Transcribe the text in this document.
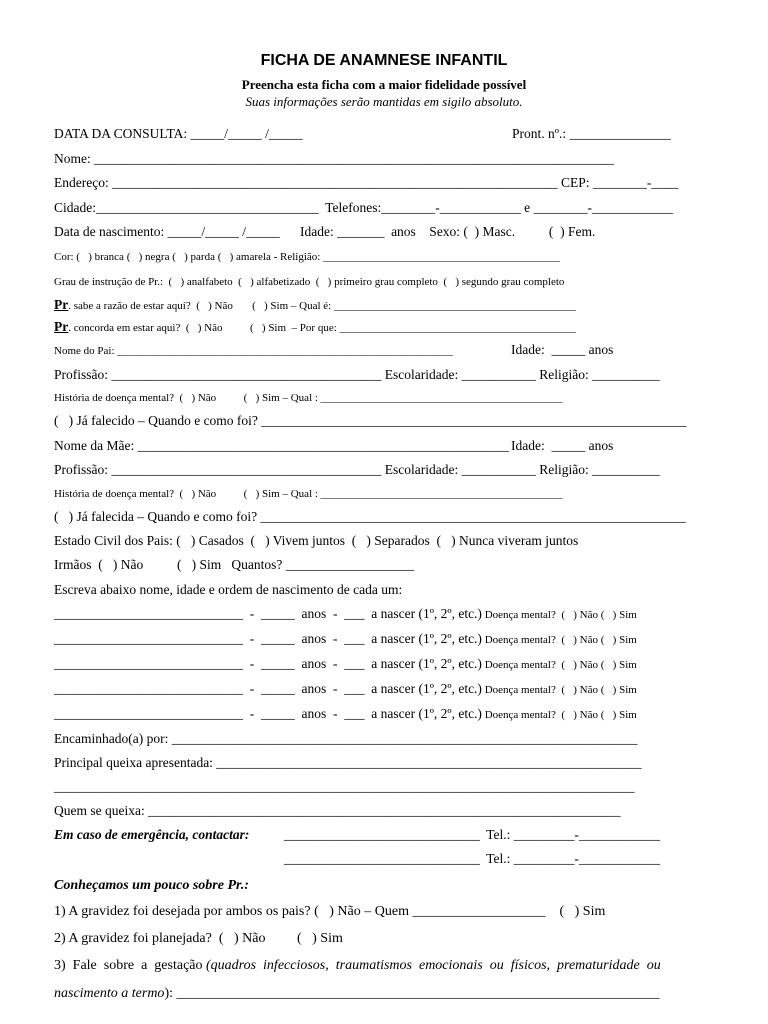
FICHA DE ANAMNESE INFANTIL
Preencha esta ficha com a maior fidelidade possível
Suas informações serão mantidas em sigilo absoluto.
DATA DA CONSULTA: _____/_____ /_____	Pront. nº.: _______________
Nome: _____________________________________________________________________________
Endereço: __________________________________________________________________ CEP: ________-____
Cidade:_________________________________  Telefones:________-____________ e ________-____________
Data de nascimento: _____/_____ /_____      Idade: _______  anos    Sexo: (  ) Masc.          (  ) Fem.
Cor: (   ) branca (   ) negra (   ) parda (   ) amarela - Religião: ___________________________________________
Grau de instrução de Pr.:  (   ) analfabeto  (   ) alfabetizado  (   ) primeiro grau completo  (   ) segundo grau completo
Pr. sabe a razão de estar aqui?  (   ) Não       (   ) Sim – Qual é: ____________________________________________
Pr. concorda em estar aqui?  (   ) Não          (   ) Sim  – Por que: ___________________________________________
Nome do Pai: _____________________________________________________________	Idade:  _____ anos
Profissão: ________________________________________ Escolaridade: ___________ Religião: __________
História de doença mental?  (   ) Não          (   ) Sim – Qual : ____________________________________________
(   ) Já falecido – Quando e como foi? _______________________________________________________________
Nome da Mãe: _______________________________________________________ Idade:  _____ anos
Profissão: ________________________________________ Escolaridade: ___________ Religião: __________
História de doença mental?  (   ) Não          (   ) Sim – Qual : ____________________________________________
(   ) Já falecida – Quando e como foi? _______________________________________________________________
Estado Civil dos Pais: (   ) Casados  (   ) Vivem juntos  (   ) Separados  (   ) Nunca viveram juntos
Irmãos  (   ) Não          (   ) Sim   Quantos? ___________________
Escreva abaixo nome, idade e ordem de nascimento de cada um:
____________________________  -  _____  anos  -  ___  a nascer (1º, 2º, etc.) Doença mental?  (   ) Não (   ) Sim
____________________________  -  _____  anos  -  ___  a nascer (1º, 2º, etc.) Doença mental?  (   ) Não (   ) Sim
____________________________  -  _____  anos  -  ___  a nascer (1º, 2º, etc.) Doença mental?  (   ) Não (   ) Sim
____________________________  -  _____  anos  -  ___  a nascer (1º, 2º, etc.) Doença mental?  (   ) Não (   ) Sim
____________________________  -  _____  anos  -  ___  a nascer (1º, 2º, etc.) Doença mental?  (   ) Não (   ) Sim
Encaminhado(a) por: _____________________________________________________________________
Principal queixa apresentada: _______________________________________________________________
______________________________________________________________________________________
Quem se queixa: ______________________________________________________________________
Em caso de emergência, contactar:	_____________________________  Tel.: _________-____________
_____________________________  Tel.: _________-____________
Conheçamos um pouco sobre Pr.:
1) A gravidez foi desejada por ambos os pais? (   ) Não – Quem ___________________    (   ) Sim
2) A gravidez foi planejada?  (   ) Não         (   ) Sim
3)  Fale  sobre  a  gestação (quadros  infecciosos,  traumatismos  emocionais  ou  físicos,  prematuridade  ou
nascimento a termo): _____________________________________________________________________
